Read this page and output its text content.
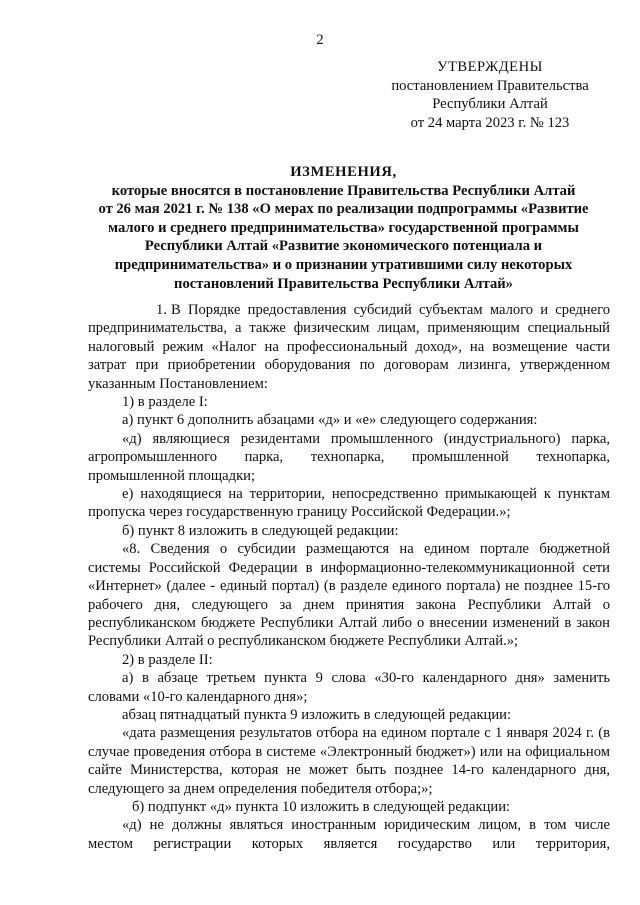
2
УТВЕРЖДЕНЫ
постановлением Правительства
Республики Алтай
от 24 марта 2023 г. № 123
ИЗМЕНЕНИЯ,
которые вносятся в постановление Правительства Республики Алтай
от 26 мая 2021 г. № 138 «О мерах по реализации подпрограммы «Развитие
малого и среднего предпринимательства» государственной программы
Республики Алтай «Развитие экономического потенциала и
предпринимательства» и о признании утратившими силу некоторых
постановлений Правительства Республики Алтай»

1. В Порядке предоставления субсидий субъектам малого и среднего предпринимательства, а также физическим лицам, применяющим специальный налоговый режим «Налог на профессиональный доход», на возмещение части затрат при приобретении оборудования по договорам лизинга, утвержденном указанным Постановлением:

1) в разделе I:

а) пункт 6 дополнить абзацами «д» и «е» следующего содержания:

«д) являющиеся резидентами промышленного (индустриального) парка, агропромышленного парка, технопарка, промышленной технопарка, промышленной площадки;

е) находящиеся на территории, непосредственно примыкающей к пунктам пропуска через государственную границу Российской Федерации.»;

б) пункт 8 изложить в следующей редакции:

«8. Сведения о субсидии размещаются на едином портале бюджетной системы Российской Федерации в информационно-телекоммуникационной сети «Интернет» (далее - единый портал) (в разделе единого портала) не позднее 15-го рабочего дня, следующего за днем принятия закона Республики Алтай о республиканском бюджете Республики Алтай либо о внесении изменений в закон Республики Алтай о республиканском бюджете Республики Алтай.»;

2) в разделе II:

а) в абзаце третьем пункта 9 слова «30-го календарного дня» заменить словами «10-го календарного дня»;

абзац пятнадцатый пункта 9 изложить в следующей редакции:

«дата размещения результатов отбора на едином портале с 1 января 2024 г. (в случае проведения отбора в системе «Электронный бюджет») или на официальном сайте Министерства, которая не может быть позднее 14-го календарного дня, следующего за днем определения победителя отбора;»;

б) подпункт «д» пункта 10 изложить в следующей редакции:

«д) не должны являться иностранным юридическим лицом, в том числе местом регистрации которых является государство или территория,
